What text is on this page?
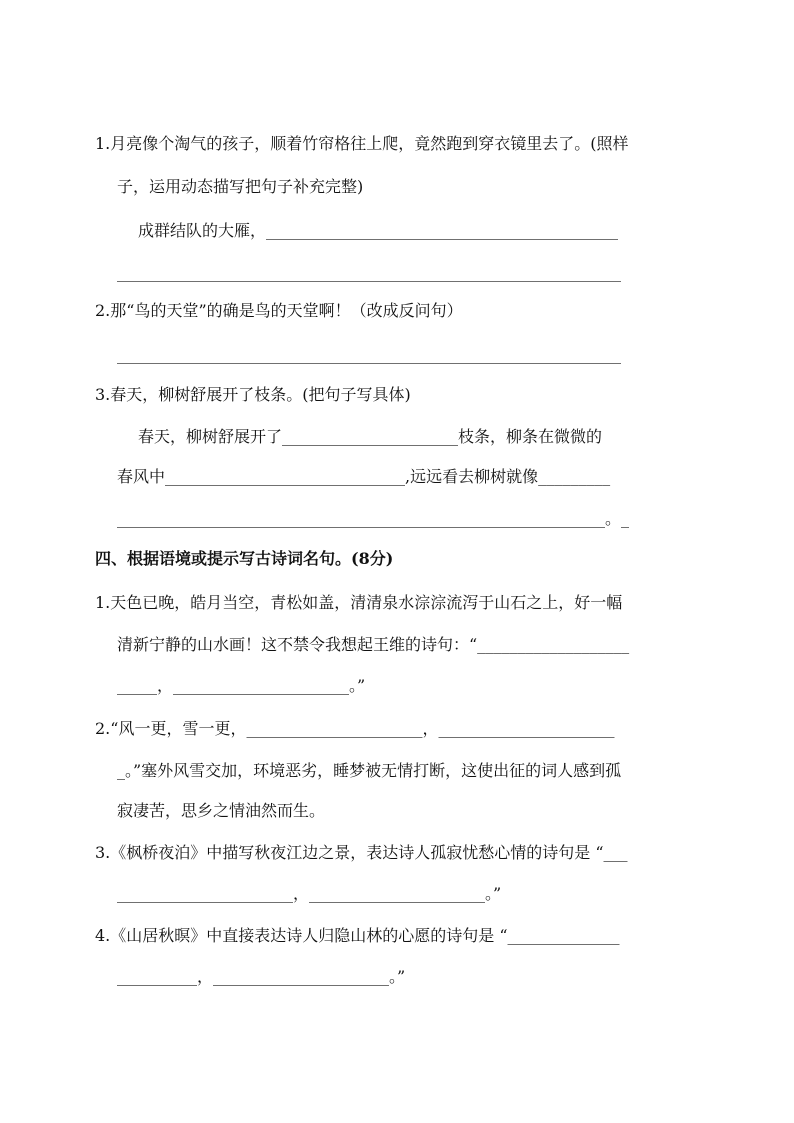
1.月亮像个淘气的孩子，顺着竹帘格往上爬，竟然跑到穿衣镜里去了。(照样
子，运用动态描写把句子补充完整)
成群结队的大雁，____________________________________________
_______________________________________________________________
2.那“鸟的天堂”的确是鸟的天堂啊！（改成反问句）
_______________________________________________________________
3.春天，柳树舒展开了枝条。(把句子写具体)
春天，柳树舒展开了______________________枝条，柳条在微微的
春风中______________________________,远远看去柳树就像_________
_____________________________________________________________。_
四、根据语境或提示写古诗词名句。(8分)
1.天色已晚，皓月当空，青松如盖，清清泉水淙淙流泻于山石之上，好一幅
清新宁静的山水画！这不禁令我想起王维的诗句：“___________________
_____，______________________。”
2.“风一更，雪一更，______________________，______________________
_。”塞外风雪交加，环境恶劣，睡梦被无情打断，这使出征的词人感到孤
寂凄苦，思乡之情油然而生。
3.《枫桥夜泊》中描写秋夜江边之景，表达诗人孤寂忧愁心情的诗句是 “___
______________________，______________________。”
4.《山居秋暝》中直接表达诗人归隐山林的心愿的诗句是 “______________
__________，______________________。”
